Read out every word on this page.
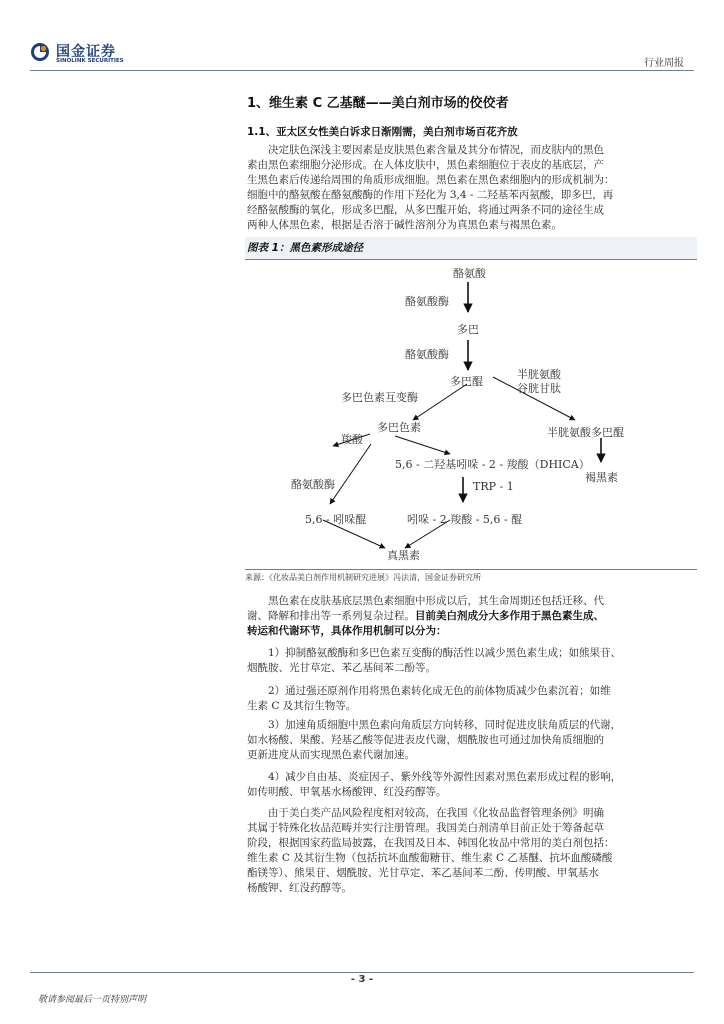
国金证券
SINOLINK SECURITIES	行业周报
1、维生素 C 乙基醚——美白剂市场的佼佼者
1.1、亚太区女性美白诉求日渐刚需，美白剂市场百花齐放
决定肤色深浅主要因素是皮肤黑色素含量及其分布情况，而皮肤内的黑色
素由黑色素细胞分泌形成。在人体皮肤中，黑色素细胞位于表皮的基底层，产
生黑色素后传递给周围的角质形成细胞。黑色素在黑色素细胞内的形成机制为：
细胞中的酪氨酸在酪氨酸酶的作用下羟化为 3,4 - 二羟基苯丙氨酸，即多巴，再
经酪氨酸酶的氧化，形成多巴醌，从多巴醌开始，将通过两条不同的途径生成
两种人体黑色素，根据是否溶于碱性溶剂分为真黑色素与褐黑色素。
图表 1：黑色素形成途径
酪氨酸
酪氨酸酶
多巴
酪氨酸酶
多巴醌
半胱氨酸
谷胱甘肽
多巴色素互变酶
多巴色素	半胱氨酸多巴醌
羧酸
5,6 - 二羟基吲哚 - 2 - 羧酸（DHICA）
褐黑素
酪氨酸酶	TRP - 1
5,6 - 吲哚醌	吲哚 - 2 羧酸 - 5,6 - 醌
真黑素
来源：《化妆品美白剂作用机制研究进展》冯法清，国金证券研究所
黑色素在皮肤基底层黑色素细胞中形成以后，其生命周期还包括迁移、代
谢、降解和排出等一系列复杂过程。目前美白剂成分大多作用于黑色素生成、
转运和代谢环节，具体作用机制可以分为：
1）抑制酪氨酸酶和多巴色素互变酶的酶活性以减少黑色素生成；如熊果苷、
烟酰胺、光甘草定、苯乙基间苯二酚等。
2）通过强还原剂作用将黑色素转化成无色的前体物质减少色素沉着；如维
生素 C 及其衍生物等。
3）加速角质细胞中黑色素向角质层方向转移，同时促进皮肤角质层的代谢，
如水杨酸、果酸、羟基乙酸等促进表皮代谢，烟酰胺也可通过加快角质细胞的
更新进度从而实现黑色素代谢加速。
4）减少自由基、炎症因子、紫外线等外源性因素对黑色素形成过程的影响，
如传明酸、甲氧基水杨酸钾、红没药醇等。
由于美白类产品风险程度相对较高，在我国《化妆品监督管理条例》明确
其属于特殊化妆品范畴并实行注册管理。我国美白剂清单目前正处于筹备起草
阶段，根据国家药监局披露，在我国及日本、韩国化妆品中常用的美白剂包括：
维生素 C 及其衍生物（包括抗坏血酸葡糖苷、维生素 C 乙基醚、抗坏血酸磷酸
酯镁等）、熊果苷、烟酰胺、光甘草定、苯乙基间苯二酚、传明酸、甲氧基水
杨酸钾、红没药醇等。
- 3 -
敬请参阅最后一页特别声明
